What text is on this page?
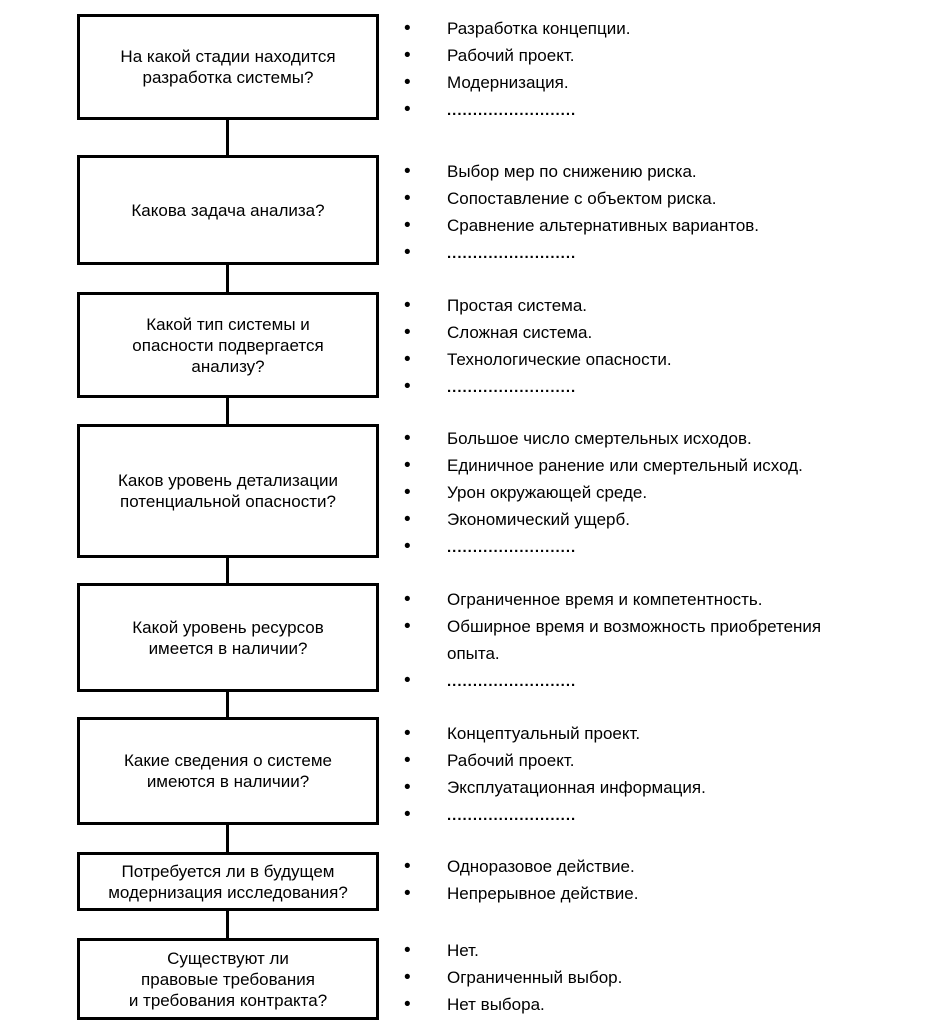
На какой стадии находится
разработка системы?
• Разработка концепции.
• Рабочий проект.
• Модернизация.
• .........................
Какова задача анализа?
• Выбор мер по снижению риска.
• Сопоставление с объектом риска.
• Сравнение альтернативных вариантов.
• .........................
Какой тип системы и
опасности подвергается
анализу?
• Простая система.
• Сложная система.
• Технологические опасности.
• .........................
Каков уровень детализации
потенциальной опасности?
• Большое число смертельных исходов.
• Единичное ранение или смертельный исход.
• Урон окружающей среде.
• Экономический ущерб.
• .........................
Какой уровень ресурсов
имеется в наличии?
• Ограниченное время и компетентность.
• Обширное время и возможность приобретения
опыта.
• .........................
Какие сведения о системе
имеются в наличии?
• Концептуальный проект.
• Рабочий проект.
• Эксплуатационная информация.
• .........................
Потребуется ли в будущем
модернизация исследования?
• Одноразовое действие.
• Непрерывное действие.
Существуют ли
правовые требования
и требования контракта?
• Нет.
• Ограниченный выбор.
• Нет выбора.
